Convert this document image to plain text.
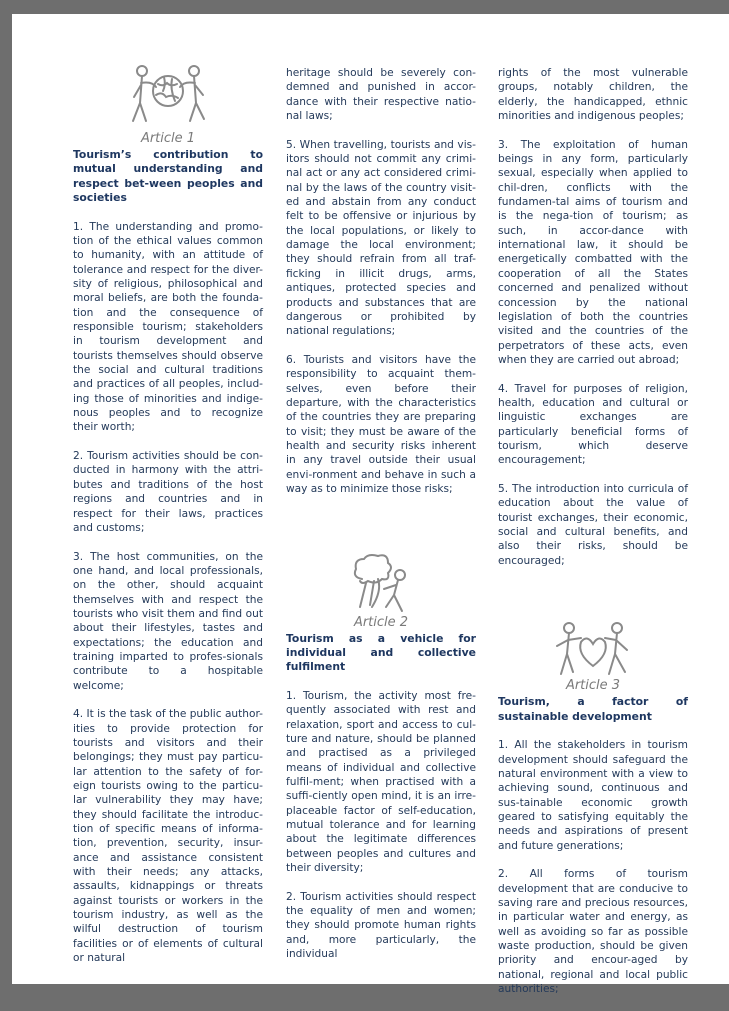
Article 1
Tourism’s contribution to mutual understanding and respect bet-ween peoples and societies

1. The understanding and promo-tion of the ethical values common to humanity, with an attitude of tolerance and respect for the diver-sity of religious, philosophical and moral beliefs, are both the founda-tion and the consequence of responsible tourism; stakeholders in tourism development and tourists themselves should observe the social and cultural traditions and practices of all peoples, includ-ing those of minorities and indige-nous peoples and to recognize their worth;

2. Tourism activities should be con-ducted in harmony with the attri-butes and traditions of the host regions and countries and in respect for their laws, practices and customs;

3. The host communities, on the one hand, and local professionals, on the other, should acquaint themselves with and respect the tourists who visit them and find out about their lifestyles, tastes and expectations; the education and training imparted to profes-sionals contribute to a hospitable welcome;

4. It is the task of the public author-ities to provide protection for tourists and visitors and their belongings; they must pay particu-lar attention to the safety of for-eign tourists owing to the particu-lar vulnerability they may have; they should facilitate the introduc-tion of specific means of informa-tion, prevention, security, insur-ance and assistance consistent with their needs; any attacks, assaults, kidnappings or threats against tourists or workers in the tourism industry, as well as the wilful destruction of tourism facilities or of elements of cultural or natural

heritage should be severely con-demned and punished in accor-dance with their respective natio-nal laws;

5. When travelling, tourists and vis-itors should not commit any crimi-nal act or any act considered crimi-nal by the laws of the country visit-ed and abstain from any conduct felt to be offensive or injurious by the local populations, or likely to damage the local environment; they should refrain from all traf-ficking in illicit drugs, arms, antiques, protected species and products and substances that are dangerous or prohibited by national regulations;

6. Tourists and visitors have the responsibility to acquaint them-selves, even before their departure, with the characteristics of the countries they are preparing to visit; they must be aware of the health and security risks inherent in any travel outside their usual envi-ronment and behave in such a way as to minimize those risks;

Article 2
Tourism as a vehicle for individual and collective fulfilment

1. Tourism, the activity most fre-quently associated with rest and relaxation, sport and access to cul-ture and nature, should be planned and practised as a privileged means of individual and collective fulfil-ment; when practised with a suffi-ciently open mind, it is an irre-placeable factor of self-education, mutual tolerance and for learning about the legitimate differences between peoples and cultures and their diversity;

2. Tourism activities should respect the equality of men and women; they should promote human rights and, more particularly, the individual

rights of the most vulnerable groups, notably children, the elderly, the handicapped, ethnic minorities and indigenous peoples;

3. The exploitation of human beings in any form, particularly sexual, especially when applied to chil-dren, conflicts with the fundamen-tal aims of tourism and is the nega-tion of tourism; as such, in accor-dance with international law, it should be energetically combatted with the cooperation of all the States concerned and penalized without concession by the national legislation of both the countries visited and the countries of the perpetrators of these acts, even when they are carried out abroad;

4. Travel for purposes of religion, health, education and cultural or linguistic exchanges are particularly beneficial forms of tourism, which deserve encouragement;

5. The introduction into curricula of education about the value of tourist exchanges, their economic, social and cultural benefits, and also their risks, should be encouraged;

Article 3
Tourism, a factor of sustainable development

1. All the stakeholders in tourism development should safeguard the natural environment with a view to achieving sound, continuous and sus-tainable economic growth geared to satisfying equitably the needs and aspirations of present and future generations;

2. All forms of tourism development that are conducive to saving rare and precious resources, in particular water and energy, as well as avoiding so far as possible waste production, should be given priority and encour-aged by national, regional and local public authorities;
